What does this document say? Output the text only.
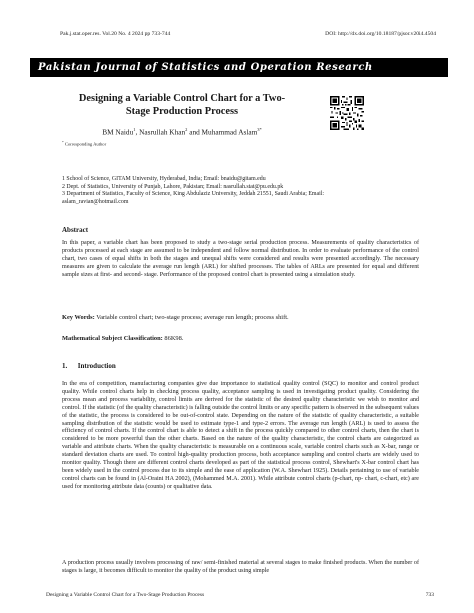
Pak.j.stat.oper.res. Vol.20 No. 4 2024 pp 733-744	DOI: http://dx.doi.org/10.18187/pjsor.v20i4.4504
Pakistan Journal of Statistics and Operation Research
Designing a Variable Control Chart for a Two-
Stage Production Process
BM Naidu$^1$, Nasrullah Khan$^2$ and Muhammad Aslam$^{3*}$
* Corresponding Author
1 School of Science, GITAM University, Hyderabad, India; Email: bnaidu@gitam.edu
2 Dept. of Statistics, University of Punjab, Lahore, Pakistan; Email: nasrullah.stat@pu.edu.pk
3 Department of Statistics, Faculty of Science, King Abdulaziz University, Jeddah 21551, Saudi Arabia; Email:
aslam_ravian@hotmail.com
Abstract
In this paper, a variable chart has been proposed to study a two-stage serial production process. Measurements of quality characteristics of products processed at each stage are assumed to be independent and follow normal distribution. In order to evaluate performance of the control chart, two cases of equal shifts in both the stages and unequal shifts were considered and results were presented accordingly. The necessary measures are given to calculate the average run length (ARL) for shifted processes. The tables of ARLs are presented for equal and different sample sizes at first- and second- stage. Performance of the proposed control chart is presented using a simulation study.
Key Words: Variable control chart; two-stage process; average run length; process shift.
Mathematical Subject Classification: 86K98.
1.      Introduction
In the era of competition, manufacturing companies give due importance to statistical quality control (SQC) to monitor and control product quality. While control charts help in checking process quality, acceptance sampling is used in investigating product quality. Considering the process mean and process variability, control limits are derived for the statistic of the desired quality characteristic we wish to monitor and control. If the statistic (of the quality characteristic) is falling outside the control limits or any specific pattern is observed in the subsequent values of the statistic, the process is considered to be out-of-control state. Depending on the nature of the statistic of quality characteristic, a suitable sampling distribution of the statistic would be used to estimate type-1 and type-2 errors. The average run length (ARL) is used to assess the efficiency of control charts. If the control chart is able to detect a shift in the process quickly compared to other control charts, then the chart is considered to be more powerful than the other charts. Based on the nature of the quality characteristic, the control charts are categorized as variable and attribute charts. When the quality characteristic is measurable on a continuous scale, variable control charts such as X-bar, range or standard deviation charts are used. To control high-quality production process, both acceptance sampling and control charts are widely used to monitor quality. Though there are different control charts developed as part of the statistical process control, Shewhart's X-bar control chart has been widely used in the control process due to its simple and the ease of application (W.A. Shewhart 1925). Details pertaining to use of variable control charts can be found in (Al-Oraini HA 2002), (Mohammed M.A. 2001). While attribute control charts (p-chart, np- chart, c-chart, etc) are used for monitoring attribute data (counts) or qualitative data.
A production process usually involves processing of raw/ semi-finished material at several stages to make finished products. When the number of stages is large, it becomes difficult to monitor the quality of the product using simple
Designing a Variable Control Chart for a Two-Stage Production Process	733
